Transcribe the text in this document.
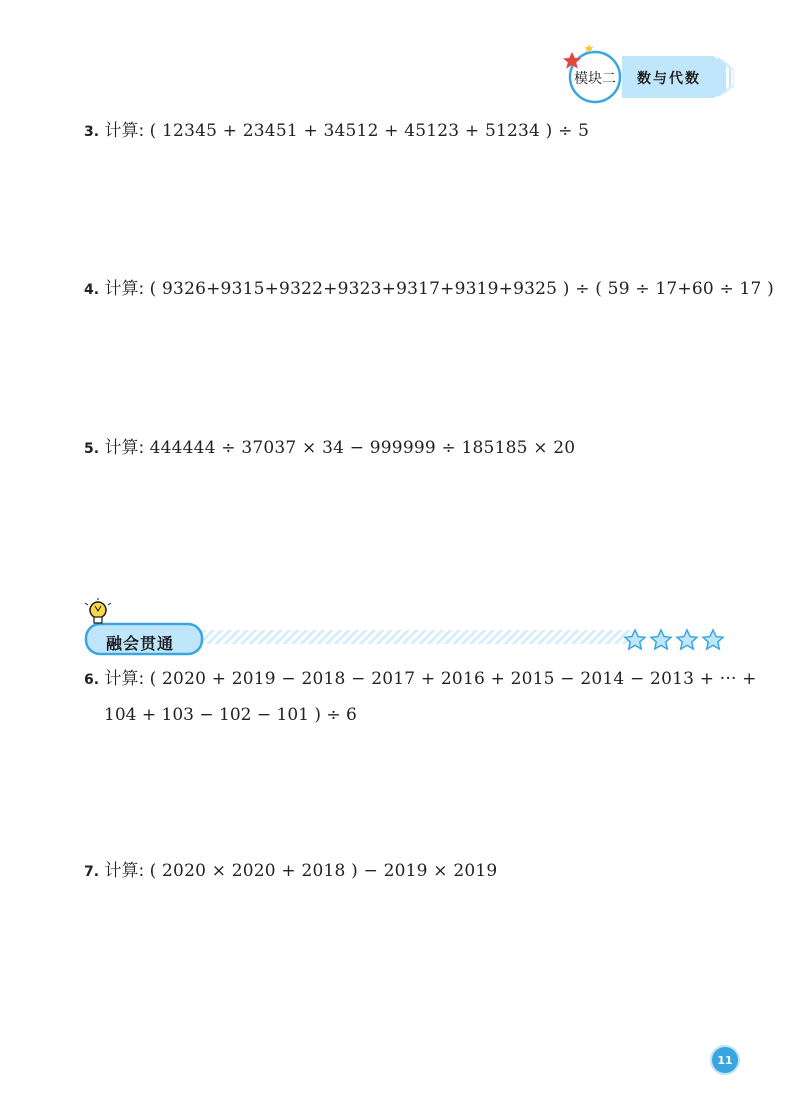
模块二 数与代数
3. 计算: ( 12345 + 23451 + 34512 + 45123 + 51234 ) ÷ 5
4. 计算: ( 9326+9315+9322+9323+9317+9319+9325 ) ÷ ( 59 ÷ 17+60 ÷ 17 )
5. 计算: 444444 ÷ 37037 × 34 − 999999 ÷ 185185 × 20
融会贯通
6. 计算: ( 2020 + 2019 − 2018 − 2017 + 2016 + 2015 − 2014 − 2013 + ··· +
104 + 103 − 102 − 101 ) ÷ 6
7. 计算: ( 2020 × 2020 + 2018 ) − 2019 × 2019
11
